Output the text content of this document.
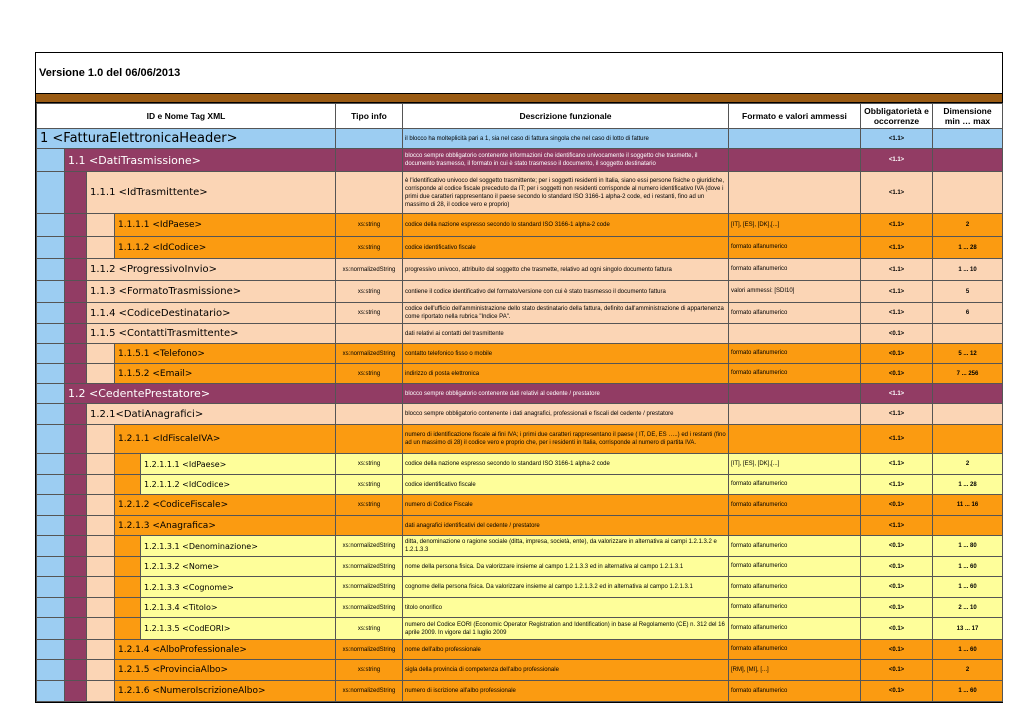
Versione 1.0 del 06/06/2013
ID e Nome Tag XML	Tipo info	Descrizione funzionale	Formato e valori ammessi	Obbligatorietà e occorrenze	Dimensione min … max

1 <FatturaElettronicaHeader>		il blocco ha molteplicità pari a 1, sia nel caso di fattura singola che nel caso di lotto di fatture		<1.1>	

1.1 <DatiTrasmissione>		blocco sempre obbligatorio contenente informazioni che identificano univocamente il soggetto che trasmette, il documento trasmesso, il formato in cui è stato trasmesso il documento, il soggetto destinatario		<1.1>	

1.1.1 <IdTrasmittente>		è l'identificativo univoco del soggetto trasmittente; per i soggetti residenti in Italia, siano essi persone fisiche o giuridiche, corrisponde al codice fiscale preceduto da IT; per i soggetti non residenti corrisponde al numero identificativo IVA (dove i primi due caratteri rappresentano il paese secondo lo standard ISO 3166-1 alpha-2 code, ed i restanti, fino ad un massimo di 28, il codice vero e proprio)		<1.1>	

1.1.1.1 <IdPaese>	xs:string	codice della nazione espresso secondo lo standard ISO 3166-1 alpha-2 code	[IT], [ES], [DK],[...]	<1.1>	2

1.1.1.2 <IdCodice>	xs:string	codice identificativo fiscale	formato alfanumerico	<1.1>	1 ... 28

1.1.2 <ProgressivoInvio>	xs:normalizedString	progressivo univoco, attribuito dal soggetto che trasmette, relativo ad ogni singolo documento fattura	formato alfanumerico	<1.1>	1 ... 10

1.1.3 <FormatoTrasmissione>	xs:string	contiene il codice identificativo del formato/versione con cui è stato trasmesso il documento fattura	valori ammessi: [SDI10]	<1.1>	5

1.1.4 <CodiceDestinatario>	xs:string	codice dell'ufficio dell'amministrazione dello stato destinatario della fattura, definito dall'amministrazione di appartenenza come riportato nella rubrica "Indice PA".	formato alfanumerico	<1.1>	6

1.1.5 <ContattiTrasmittente>		dati relativi ai contatti del trasmittente		<0.1>	

1.1.5.1 <Telefono>	xs:normalizedString	contatto telefonico fisso o mobile	formato alfanumerico	<0.1>	5 ... 12

1.1.5.2 <Email>	xs:string	indirizzo di posta elettronica	formato alfanumerico	<0.1>	7 ... 256

1.2 <CedentePrestatore>		blocco sempre obbligatorio contenente dati relativi al cedente / prestatore		<1.1>	

1.2.1<DatiAnagrafici>		blocco sempre obbligatorio contenente i dati anagrafici, professionali e fiscali del cedente / prestatore		<1.1>	

1.2.1.1 <IdFiscaleIVA>		numero di identificazione fiscale ai fini IVA; i primi due caratteri rappresentano il paese ( IT, DE, ES …..) ed i restanti (fino ad un massimo di 28) il codice vero e proprio che, per i residenti in Italia, corrisponde al numero di partita IVA.		<1.1>	

1.2.1.1.1 <IdPaese>	xs:string	codice della nazione espresso secondo lo standard ISO 3166-1 alpha-2 code	[IT], [ES], [DK],[...]	<1.1>	2

1.2.1.1.2 <IdCodice>	xs:string	codice identificativo fiscale	formato alfanumerico	<1.1>	1 ... 28

1.2.1.2 <CodiceFiscale>	xs:string	numero di Codice Fiscale	formato alfanumerico	<0.1>	11 ... 16

1.2.1.3 <Anagrafica>		dati anagrafici identificativi del cedente / prestatore		<1.1>	

1.2.1.3.1 <Denominazione>	xs:normalizedString	ditta, denominazione o ragione sociale (ditta, impresa, società, ente), da valorizzare in alternativa ai campi 1.2.1.3.2 e 1.2.1.3.3	formato alfanumerico	<0.1>	1 ... 80

1.2.1.3.2 <Nome>	xs:normalizedString	nome della persona fisica. Da valorizzare insieme al campo 1.2.1.3.3 ed in alternativa al campo 1.2.1.3.1	formato alfanumerico	<0.1>	1 ... 60

1.2.1.3.3 <Cognome>	xs:normalizedString	cognome della persona fisica. Da valorizzare insieme al campo 1.2.1.3.2 ed in alternativa al campo 1.2.1.3.1	formato alfanumerico	<0.1>	1 ... 60

1.2.1.3.4 <Titolo>	xs:normalizedString	titolo onorifico	formato alfanumerico	<0.1>	2 ... 10

1.2.1.3.5 <CodEORI>	xs:string	numero del Codice EORI (Economic Operator Registration and Identification) in base al Regolamento (CE) n. 312 del 16 aprile 2009. In vigore dal 1 luglio 2009	formato alfanumerico	<0.1>	13 ... 17

1.2.1.4 <AlboProfessionale>	xs:normalizedString	nome dell'albo professionale	formato alfanumerico	<0.1>	1 ... 60

1.2.1.5 <ProvinciaAlbo>	xs:string	sigla della provincia di competenza dell'albo professionale	[RM], [MI], [...]	<0.1>	2

1.2.1.6 <NumeroIscrizioneAlbo>	xs:normalizedString	numero di iscrizione all'albo professionale	formato alfanumerico	<0.1>	1 ... 60
